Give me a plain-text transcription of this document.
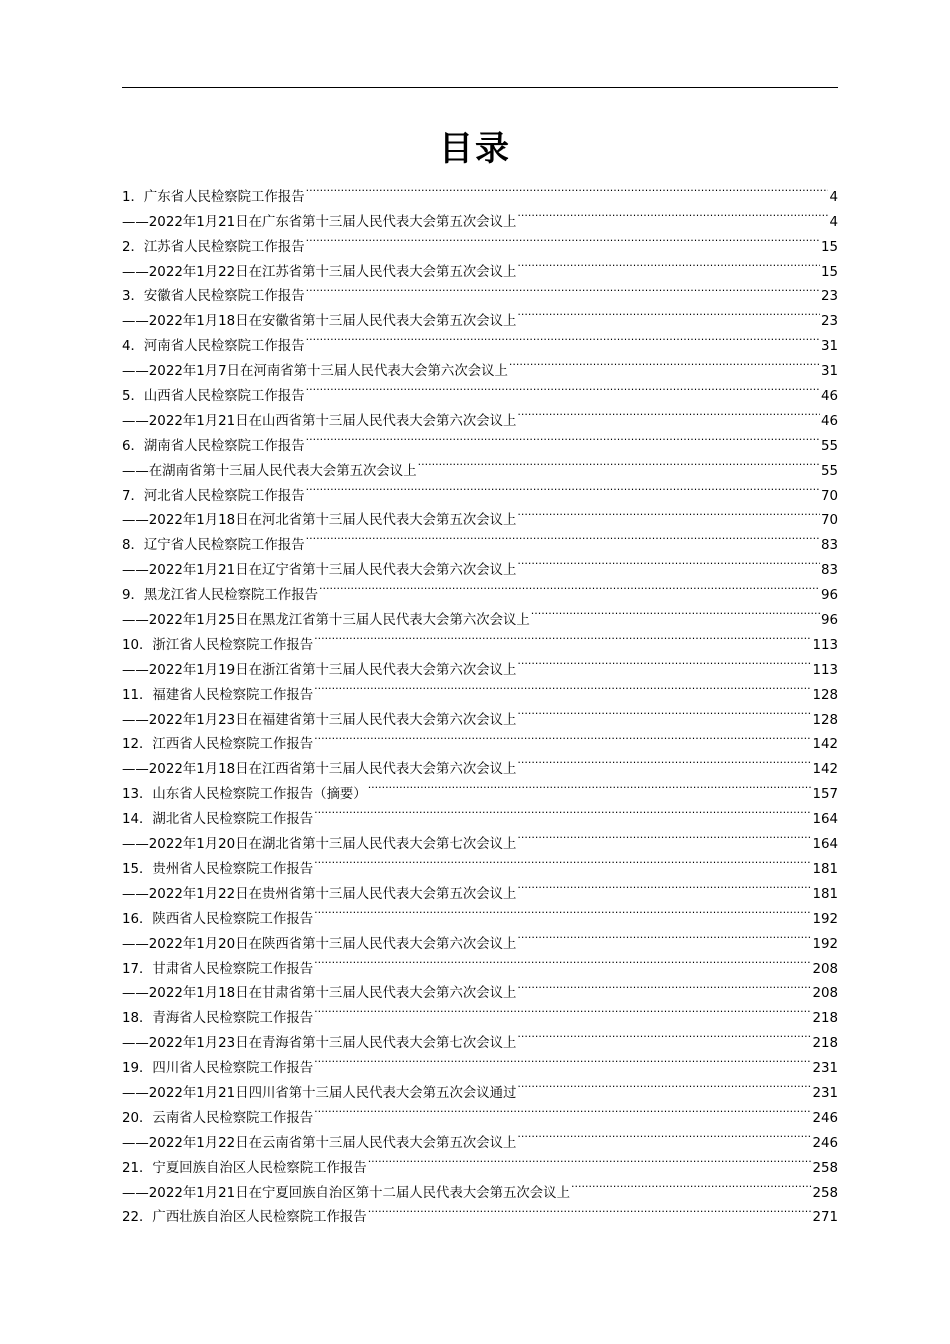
目录
1．广东省人民检察院工作报告 .....	4
——2022年1月21日在广东省第十三届人民代表大会第五次会议上 .....	4
2．江苏省人民检察院工作报告 .....	15
——2022年1月22日在江苏省第十三届人民代表大会第五次会议上 .....	15
3．安徽省人民检察院工作报告 .....	23
——2022年1月18日在安徽省第十三届人民代表大会第五次会议上 .....	23
4．河南省人民检察院工作报告 .....	31
——2022年1月7日在河南省第十三届人民代表大会第六次会议上 .....	31
5．山西省人民检察院工作报告 .....	46
——2022年1月21日在山西省第十三届人民代表大会第六次会议上 .....	46
6．湖南省人民检察院工作报告 .....	55
——在湖南省第十三届人民代表大会第五次会议上 .....	55
7．河北省人民检察院工作报告 .....	70
——2022年1月18日在河北省第十三届人民代表大会第五次会议上 .....	70
8．辽宁省人民检察院工作报告 .....	83
——2022年1月21日在辽宁省第十三届人民代表大会第六次会议上 .....	83
9．黑龙江省人民检察院工作报告 .....	96
——2022年1月25日在黑龙江省第十三届人民代表大会第六次会议上 .....	96
10．浙江省人民检察院工作报告 .....	113
——2022年1月19日在浙江省第十三届人民代表大会第六次会议上 .....	113
11．福建省人民检察院工作报告 .....	128
——2022年1月23日在福建省第十三届人民代表大会第六次会议上 .....	128
12．江西省人民检察院工作报告 .....	142
——2022年1月18日在江西省第十三届人民代表大会第六次会议上 .....	142
13．山东省人民检察院工作报告（摘要） .....	157
14．湖北省人民检察院工作报告 .....	164
——2022年1月20日在湖北省第十三届人民代表大会第七次会议上 .....	164
15．贵州省人民检察院工作报告 .....	181
——2022年1月22日在贵州省第十三届人民代表大会第五次会议上 .....	181
16．陕西省人民检察院工作报告 .....	192
——2022年1月20日在陕西省第十三届人民代表大会第六次会议上 .....	192
17．甘肃省人民检察院工作报告 .....	208
——2022年1月18日在甘肃省第十三届人民代表大会第六次会议上 .....	208
18．青海省人民检察院工作报告 .....	218
——2022年1月23日在青海省第十三届人民代表大会第七次会议上 .....	218
19．四川省人民检察院工作报告 .....	231
——2022年1月21日四川省第十三届人民代表大会第五次会议通过 .....	231
20．云南省人民检察院工作报告 .....	246
——2022年1月22日在云南省第十三届人民代表大会第五次会议上 .....	246
21．宁夏回族自治区人民检察院工作报告 .....	258
——2022年1月21日在宁夏回族自治区第十二届人民代表大会第五次会议上 .....	258
22．广西壮族自治区人民检察院工作报告 .....	271
